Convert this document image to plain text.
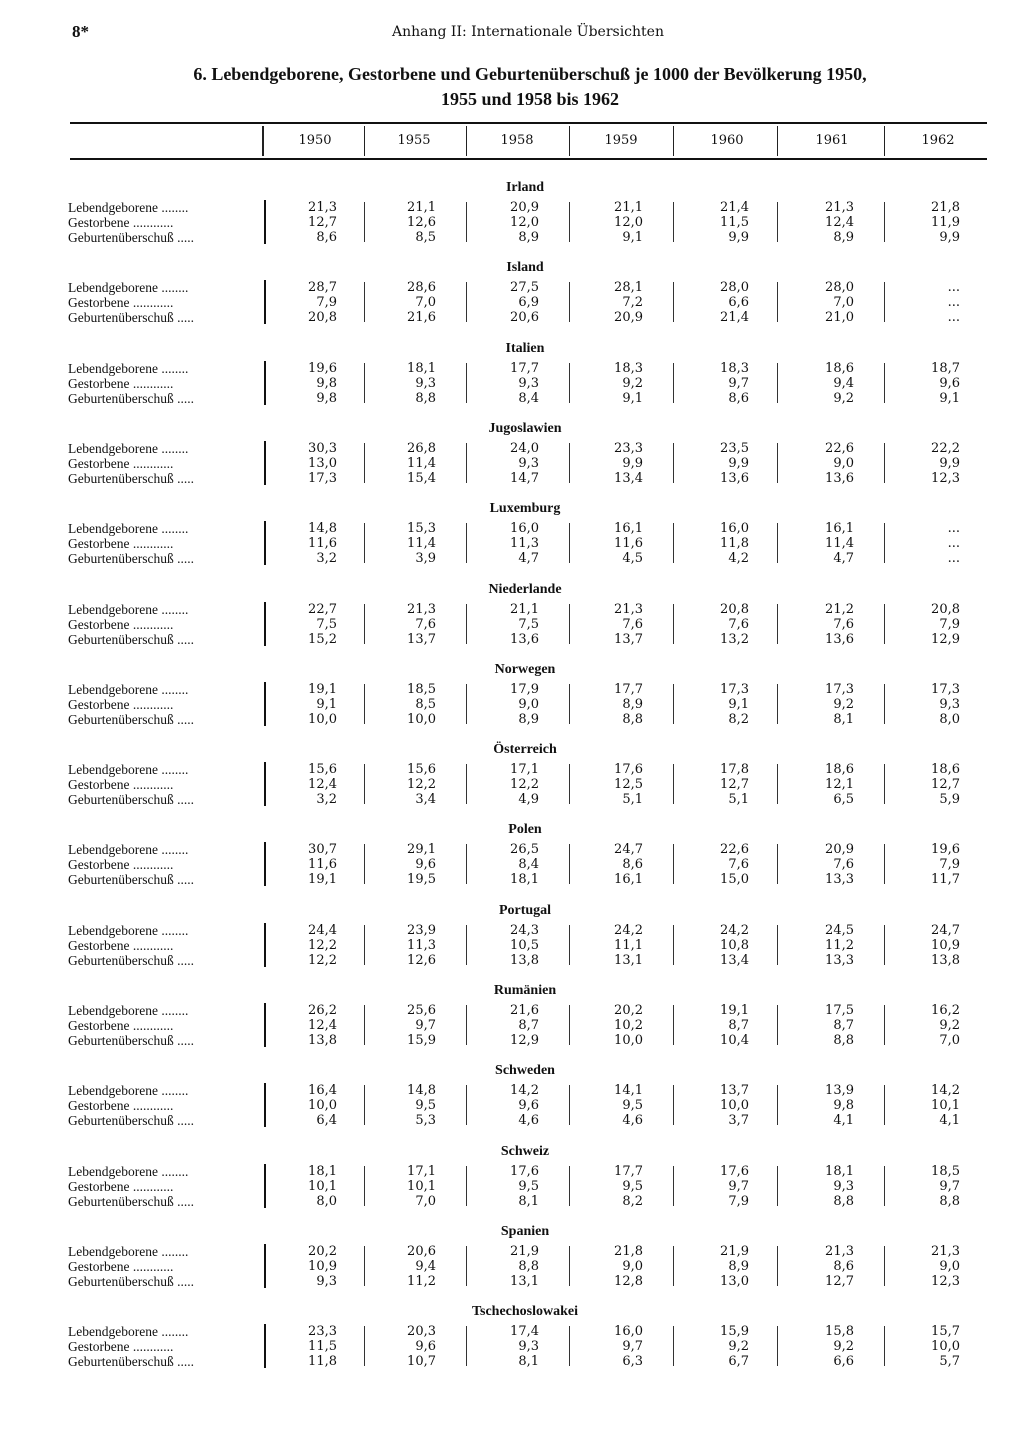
8*	Anhang II: Internationale Übersichten
6. Lebendgeborene, Gestorbene und Geburtenüberschuß je 1000 der Bevölkerung 1950,
1955 und 1958 bis 1962
1950	1955	1958	1959	1960	1961	1962
Irland
Lebendgeborene ........	21,3	21,1	20,9	21,1	21,4	21,3	21,8
Gestorbene ............	12,7	12,6	12,0	12,0	11,5	12,4	11,9
Geburtenüberschuß .....	8,6	8,5	8,9	9,1	9,9	8,9	9,9
Island
Lebendgeborene ........	28,7	28,6	27,5	28,1	28,0	28,0	...
Gestorbene ............	7,9	7,0	6,9	7,2	6,6	7,0	...
Geburtenüberschuß .....	20,8	21,6	20,6	20,9	21,4	21,0	...
Italien
Lebendgeborene ........	19,6	18,1	17,7	18,3	18,3	18,6	18,7
Gestorbene ............	9,8	9,3	9,3	9,2	9,7	9,4	9,6
Geburtenüberschuß .....	9,8	8,8	8,4	9,1	8,6	9,2	9,1
Jugoslawien
Lebendgeborene ........	30,3	26,8	24,0	23,3	23,5	22,6	22,2
Gestorbene ............	13,0	11,4	9,3	9,9	9,9	9,0	9,9
Geburtenüberschuß .....	17,3	15,4	14,7	13,4	13,6	13,6	12,3
Luxemburg
Lebendgeborene ........	14,8	15,3	16,0	16,1	16,0	16,1	...
Gestorbene ............	11,6	11,4	11,3	11,6	11,8	11,4	...
Geburtenüberschuß .....	3,2	3,9	4,7	4,5	4,2	4,7	...
Niederlande
Lebendgeborene ........	22,7	21,3	21,1	21,3	20,8	21,2	20,8
Gestorbene ............	7,5	7,6	7,5	7,6	7,6	7,6	7,9
Geburtenüberschuß .....	15,2	13,7	13,6	13,7	13,2	13,6	12,9
Norwegen
Lebendgeborene ........	19,1	18,5	17,9	17,7	17,3	17,3	17,3
Gestorbene ............	9,1	8,5	9,0	8,9	9,1	9,2	9,3
Geburtenüberschuß .....	10,0	10,0	8,9	8,8	8,2	8,1	8,0
Österreich
Lebendgeborene ........	15,6	15,6	17,1	17,6	17,8	18,6	18,6
Gestorbene ............	12,4	12,2	12,2	12,5	12,7	12,1	12,7
Geburtenüberschuß .....	3,2	3,4	4,9	5,1	5,1	6,5	5,9
Polen
Lebendgeborene ........	30,7	29,1	26,5	24,7	22,6	20,9	19,6
Gestorbene ............	11,6	9,6	8,4	8,6	7,6	7,6	7,9
Geburtenüberschuß .....	19,1	19,5	18,1	16,1	15,0	13,3	11,7
Portugal
Lebendgeborene ........	24,4	23,9	24,3	24,2	24,2	24,5	24,7
Gestorbene ............	12,2	11,3	10,5	11,1	10,8	11,2	10,9
Geburtenüberschuß .....	12,2	12,6	13,8	13,1	13,4	13,3	13,8
Rumänien
Lebendgeborene ........	26,2	25,6	21,6	20,2	19,1	17,5	16,2
Gestorbene ............	12,4	9,7	8,7	10,2	8,7	8,7	9,2
Geburtenüberschuß .....	13,8	15,9	12,9	10,0	10,4	8,8	7,0
Schweden
Lebendgeborene ........	16,4	14,8	14,2	14,1	13,7	13,9	14,2
Gestorbene ............	10,0	9,5	9,6	9,5	10,0	9,8	10,1
Geburtenüberschuß .....	6,4	5,3	4,6	4,6	3,7	4,1	4,1
Schweiz
Lebendgeborene ........	18,1	17,1	17,6	17,7	17,6	18,1	18,5
Gestorbene ............	10,1	10,1	9,5	9,5	9,7	9,3	9,7
Geburtenüberschuß .....	8,0	7,0	8,1	8,2	7,9	8,8	8,8
Spanien
Lebendgeborene ........	20,2	20,6	21,9	21,8	21,9	21,3	21,3
Gestorbene ............	10,9	9,4	8,8	9,0	8,9	8,6	9,0
Geburtenüberschuß .....	9,3	11,2	13,1	12,8	13,0	12,7	12,3
Tschechoslowakei
Lebendgeborene ........	23,3	20,3	17,4	16,0	15,9	15,8	15,7
Gestorbene ............	11,5	9,6	9,3	9,7	9,2	9,2	10,0
Geburtenüberschuß .....	11,8	10,7	8,1	6,3	6,7	6,6	5,7
